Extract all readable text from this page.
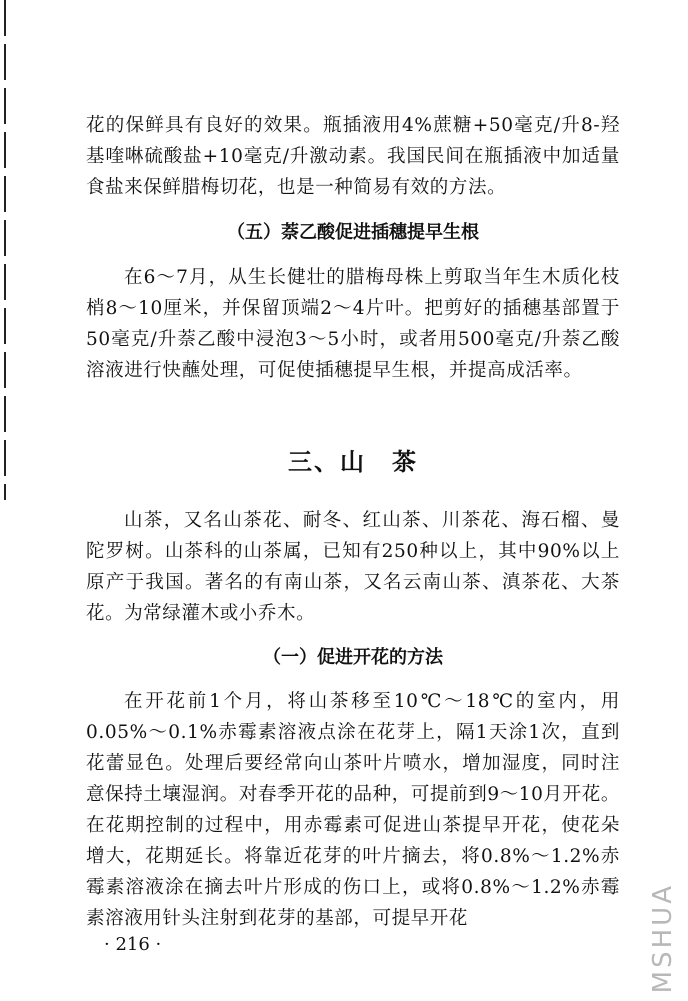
花的保鲜具有良好的效果。瓶插液用4%蔗糖+50毫克/升8-羟基喹啉硫酸盐+10毫克/升激动素。我国民间在瓶插液中加适量食盐来保鲜腊梅切花，也是一种简易有效的方法。

（五）萘乙酸促进插穗提早生根

在6～7月，从生长健壮的腊梅母株上剪取当年生木质化枝梢8～10厘米，并保留顶端2～4片叶。把剪好的插穗基部置于50毫克/升萘乙酸中浸泡3～5小时，或者用500毫克/升萘乙酸溶液进行快蘸处理，可促使插穗提早生根，并提高成活率。

三、山　茶

山茶，又名山茶花、耐冬、红山茶、川茶花、海石榴、曼陀罗树。山茶科的山茶属，已知有250种以上，其中90%以上原产于我国。著名的有南山茶，又名云南山茶、滇茶花、大茶花。为常绿灌木或小乔木。

（一）促进开花的方法

在开花前1个月，将山茶移至10℃～18℃的室内，用0.05%～0.1%赤霉素溶液点涂在花芽上，隔1天涂1次，直到花蕾显色。处理后要经常向山茶叶片喷水，增加湿度，同时注意保持土壤湿润。对春季开花的品种，可提前到9～10月开花。在花期控制的过程中，用赤霉素可促进山茶提早开花，使花朵增大，花期延长。将靠近花芽的叶片摘去，将0.8%～1.2%赤霉素溶液涂在摘去叶片形成的伤口上，或将0.8%～1.2%赤霉素溶液用针头注射到花芽的基部，可提早开花

· 216 ·	MSHUA
